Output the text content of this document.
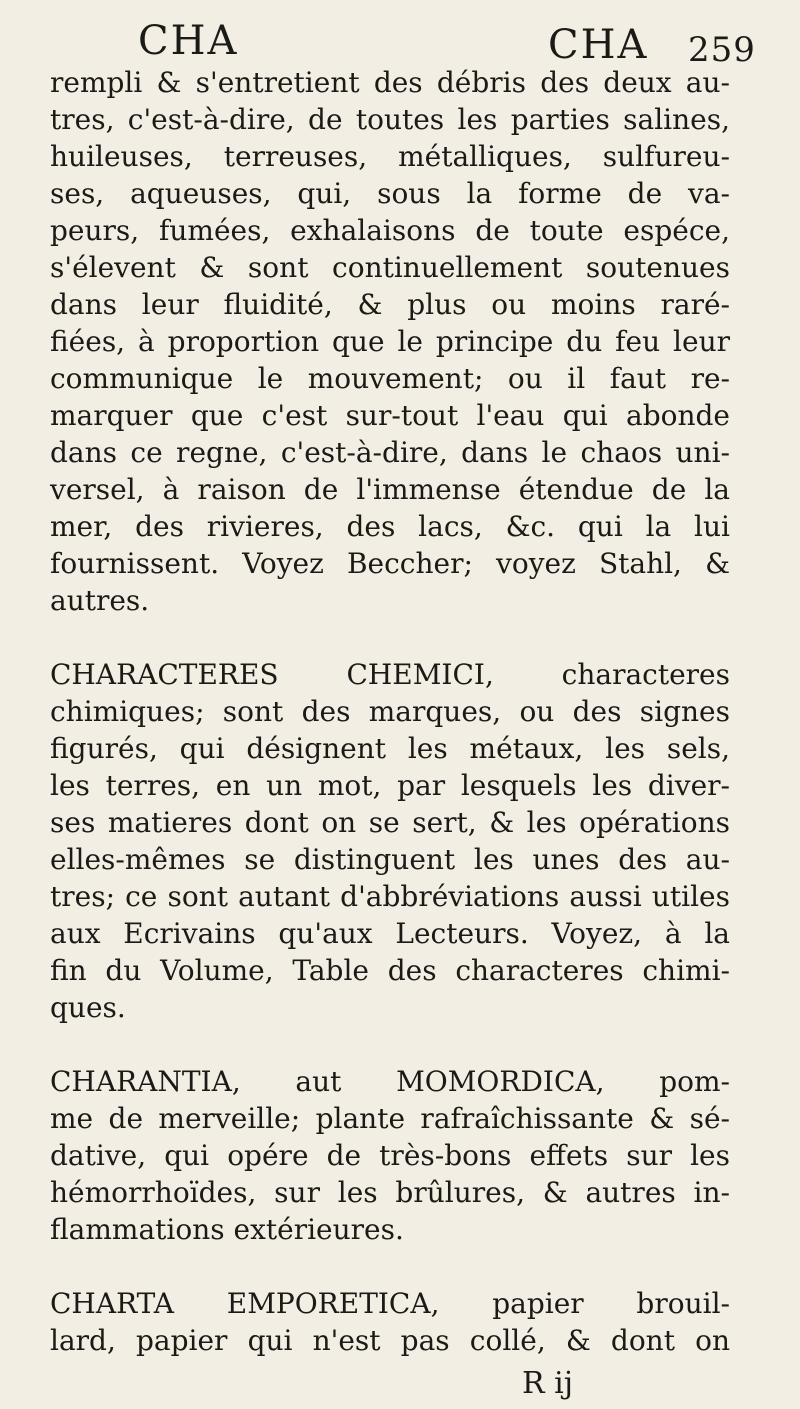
CHA	CHA 259
rempli & s'entretient des débris des deux au-
tres, c'est-à-dire, de toutes les parties salines,
huileuses, terreuses, métalliques, sulfureu-
ses, aqueuses, qui, sous la forme de va-
peurs, fumées, exhalaisons de toute espéce,
s'élevent & sont continuellement soutenues
dans leur fluidité, & plus ou moins raré-
fiées, à proportion que le principe du feu leur
communique le mouvement; ou il faut re-
marquer que c'est sur-tout l'eau qui abonde
dans ce regne, c'est-à-dire, dans le chaos uni-
versel, à raison de l'immense étendue de la
mer, des rivieres, des lacs, &c. qui la lui
fournissent. Voyez Beccher; voyez Stahl, &
autres.
CHARACTERES CHEMICI, characteres
chimiques; sont des marques, ou des signes
figurés, qui désignent les métaux, les sels,
les terres, en un mot, par lesquels les diver-
ses matieres dont on se sert, & les opérations
elles-mêmes se distinguent les unes des au-
tres; ce sont autant d'abbréviations aussi utiles
aux Ecrivains qu'aux Lecteurs. Voyez, à la
fin du Volume, Table des characteres chimi-
ques.
CHARANTIA, aut MOMORDICA, pom-
me de merveille; plante rafraîchissante & sé-
dative, qui opére de très-bons effets sur les
hémorrhoïdes, sur les brûlures, & autres in-
flammations extérieures.
CHARTA EMPORETICA, papier brouil-
lard, papier qui n'est pas collé, & dont on
R ij
